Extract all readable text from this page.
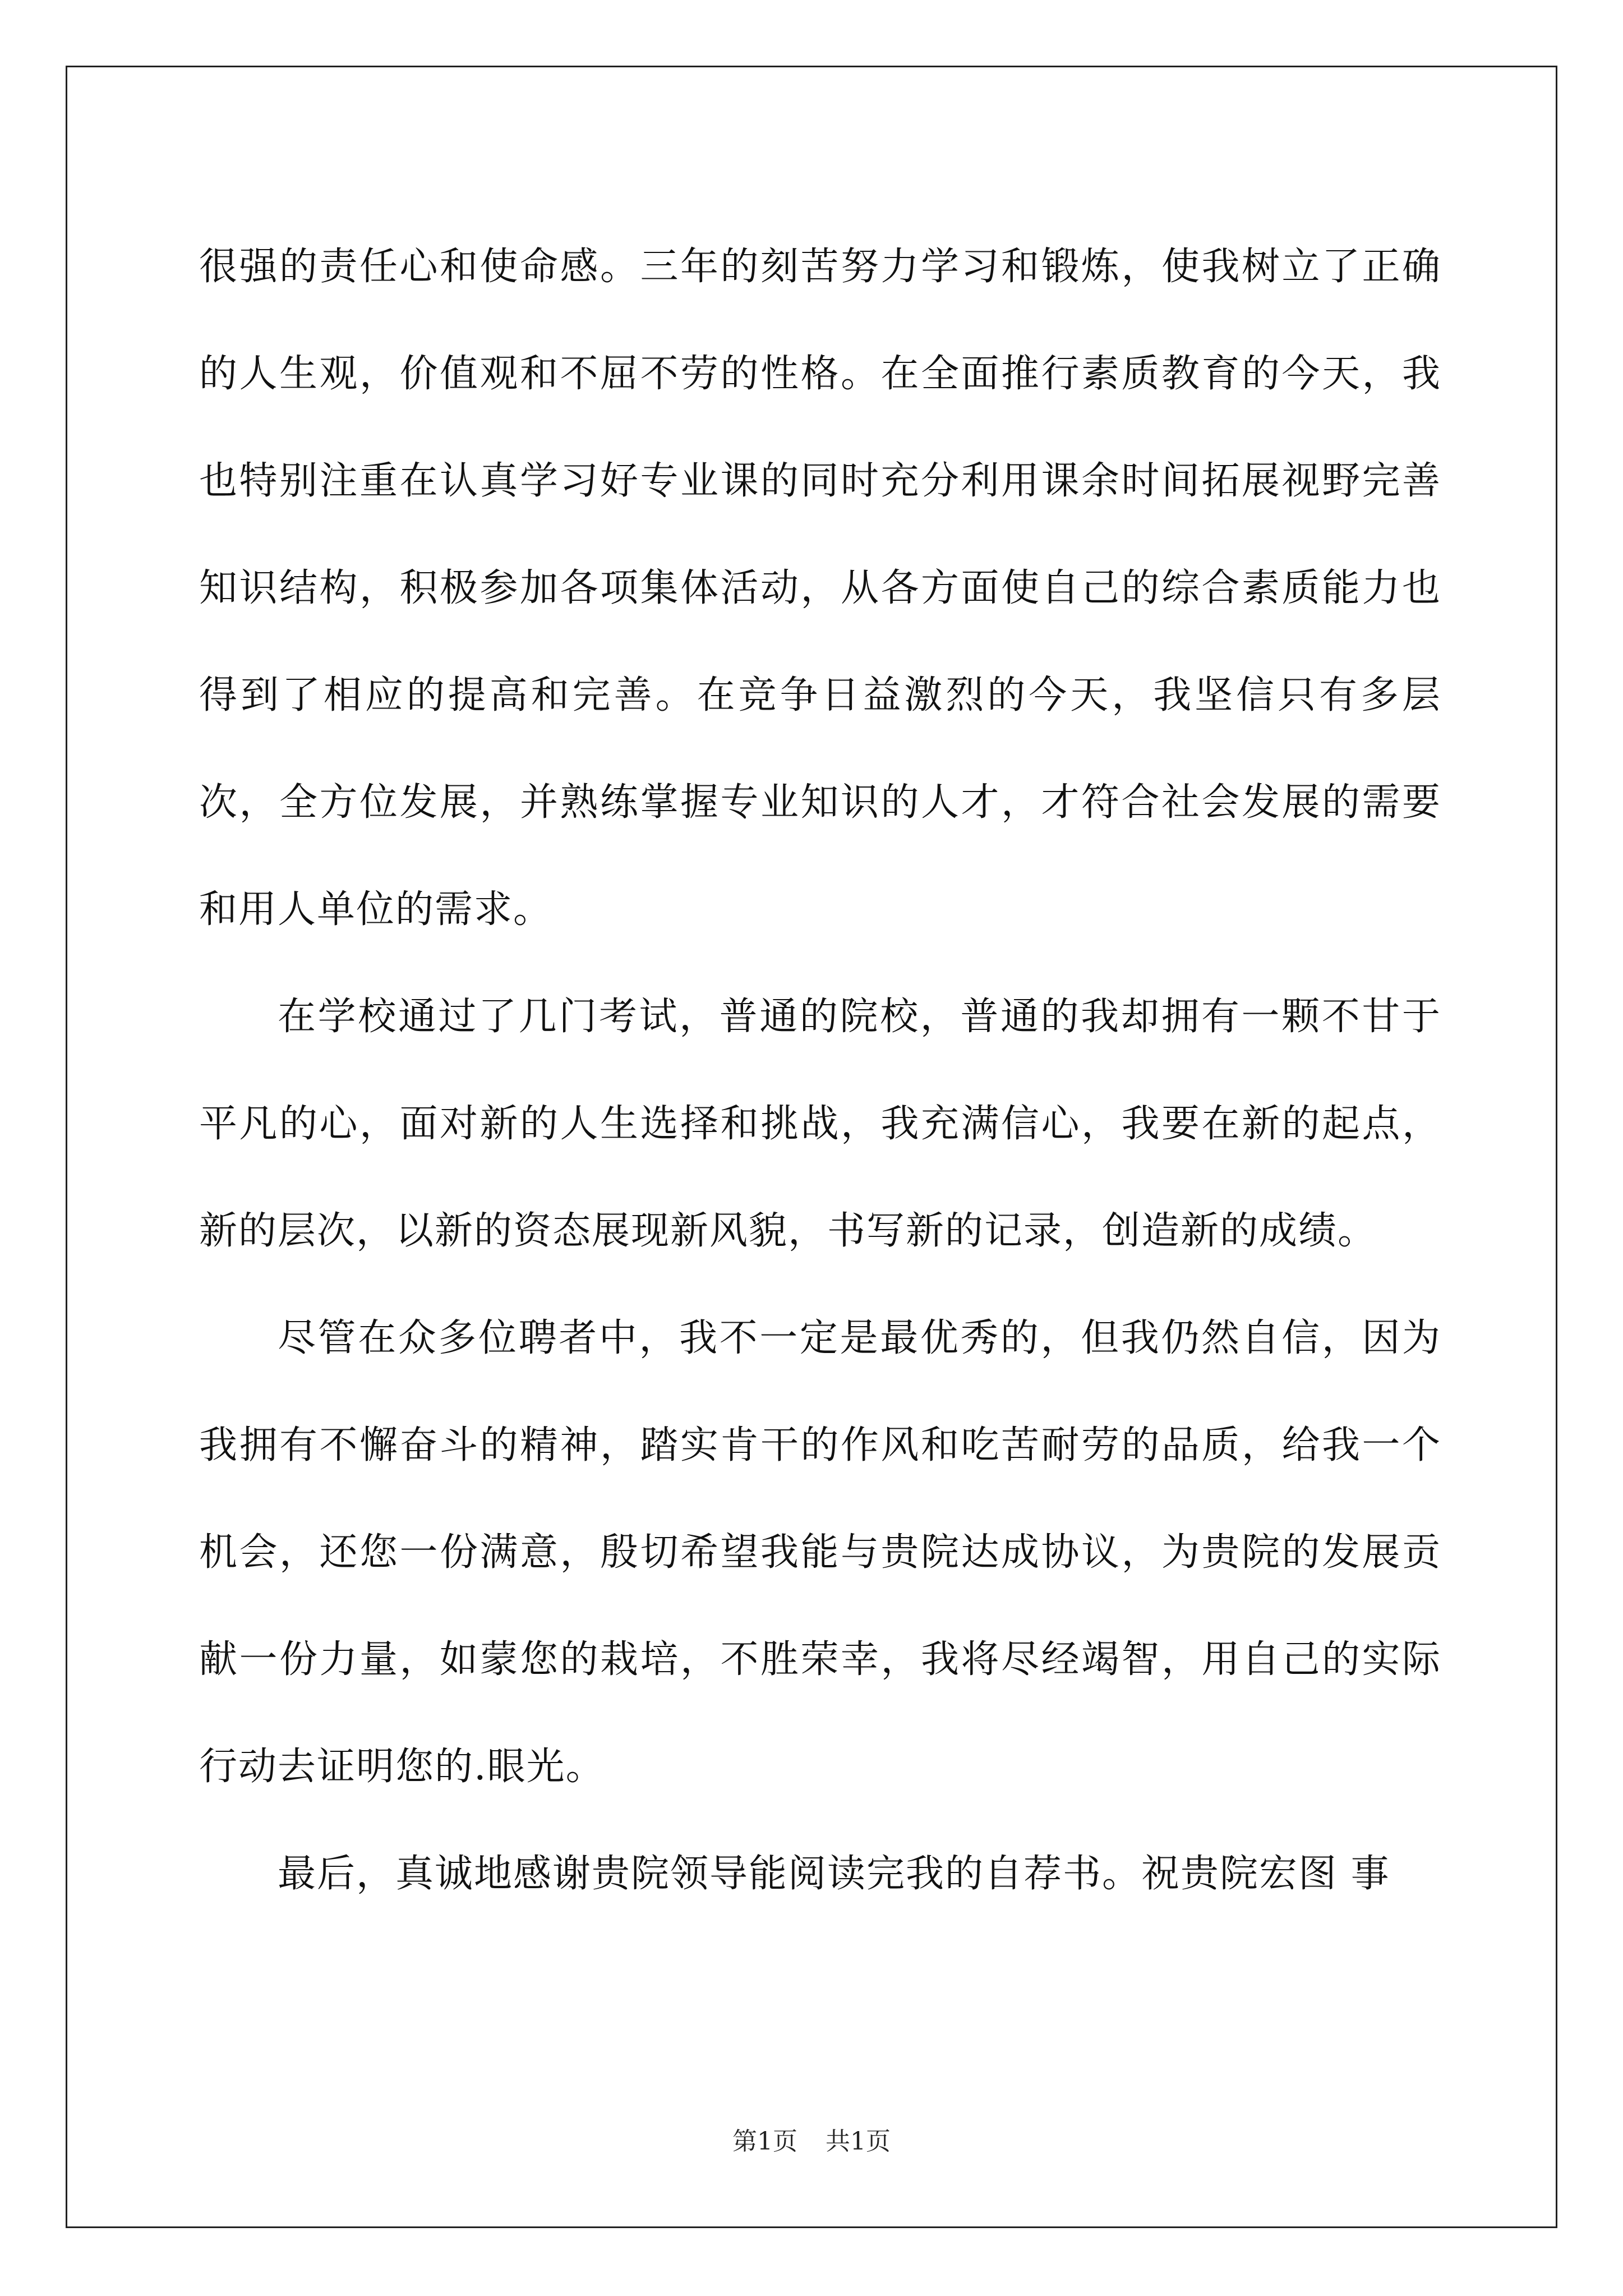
很强的责任心和使命感。三年的刻苦努力学习和锻炼，使我树立了正确的人生观，价值观和不屈不劳的性格。在全面推行素质教育的今天，我也特别注重在认真学习好专业课的同时充分利用课余时间拓展视野完善知识结构，积极参加各项集体活动，从各方面使自己的综合素质能力也得到了相应的提高和完善。在竞争日益激烈的今天，我坚信只有多层次，全方位发展，并熟练掌握专业知识的人才，才符合社会发展的需要和用人单位的需求。

在学校通过了几门考试，普通的院校，普通的我却拥有一颗不甘于平凡的心，面对新的人生选择和挑战，我充满信心，我要在新的起点，新的层次，以新的资态展现新风貌，书写新的记录，创造新的成绩。

尽管在众多位聘者中，我不一定是最优秀的，但我仍然自信，因为我拥有不懈奋斗的精神，踏实肯干的作风和吃苦耐劳的品质，给我一个机会，还您一份满意，殷切希望我能与贵院达成协议，为贵院的发展贡献一份力量，如蒙您的栽培，不胜荣幸，我将尽经竭智，用自己的实际行动去证明您的.眼光。

最后，真诚地感谢贵院领导能阅读完我的自荐书。祝贵院宏图 事

第1页 共1页
